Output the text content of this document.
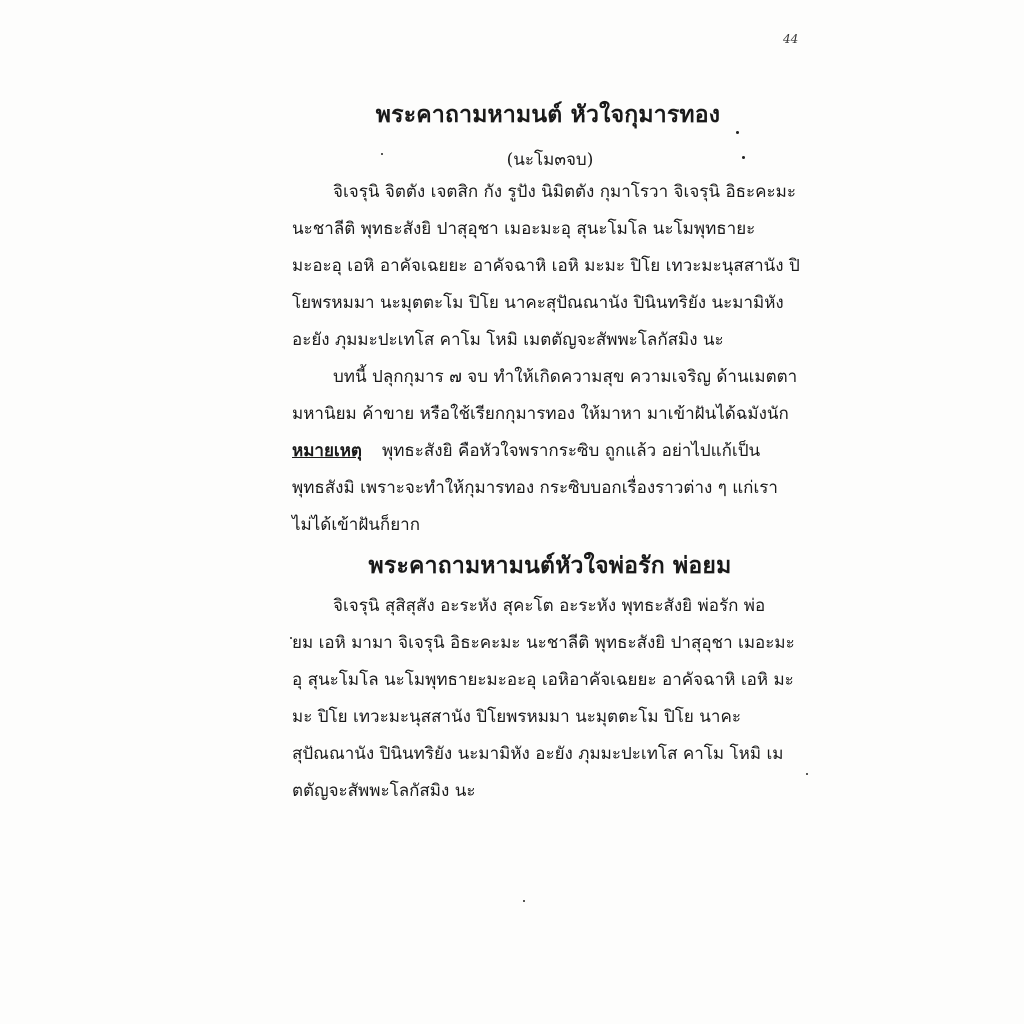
44
พระคาถามหามนต์ หัวใจกุมารทอง
(นะโม๓จบ)
จิเจรุนิ จิตตัง เจตสิก กัง รูปัง นิมิตตัง กุมาโรวา จิเจรุนิ อิธะคะมะ
นะชาลีติ พุทธะสังยิ ปาสุอุชา เมอะมะอุ สุนะโมโล นะโมพุทธายะ
มะอะอุ เอหิ อาคัจเฉยยะ อาคัจฉาหิ เอหิ มะมะ ปิโย เทวะมะนุสสานัง ปิ
โยพรหมมา นะมุตตะโม ปิโย นาคะสุปัณณานัง ปินินทริยัง นะมามิหัง
อะยัง ภุมมะปะเทโส คาโม โหมิ เมตตัญจะสัพพะโลกัสมิง นะ
บทนี้ ปลุกกุมาร ๗ จบ ทำให้เกิดความสุข ความเจริญ ด้านเมตตา
มหานิยม ค้าขาย หรือใช้เรียกกุมารทอง ให้มาหา มาเข้าฝันได้ฉมังนัก
หมายเหตุ พุทธะสังยิ คือหัวใจพรากระซิบ ถูกแล้ว อย่าไปแก้เป็น
พุทธสังมิ เพราะจะทำให้กุมารทอง กระซิบบอกเรื่องราวต่าง ๆ แก่เรา
ไม่ได้เข้าฝันก็ยาก
พระคาถามหามนต์หัวใจพ่อรัก พ่อยม
จิเจรุนิ สุสิสุสัง อะระหัง สุคะโต อะระหัง พุทธะสังยิ พ่อรัก พ่อ
ยม เอหิ มามา จิเจรุนิ อิธะคะมะ นะชาลีติ พุทธะสังยิ ปาสุอุชา เมอะมะ
อุ สุนะโมโล นะโมพุทธายะมะอะอุ เอหิอาคัจเฉยยะ อาคัจฉาหิ เอหิ มะ
มะ ปิโย เทวะมะนุสสานัง ปิโยพรหมมา นะมุตตะโม ปิโย นาคะ
สุปัณณานัง ปินินทริยัง นะมามิหัง อะยัง ภุมมะปะเทโส คาโม โหมิ เม
ตตัญจะสัพพะโลกัสมิง นะ
